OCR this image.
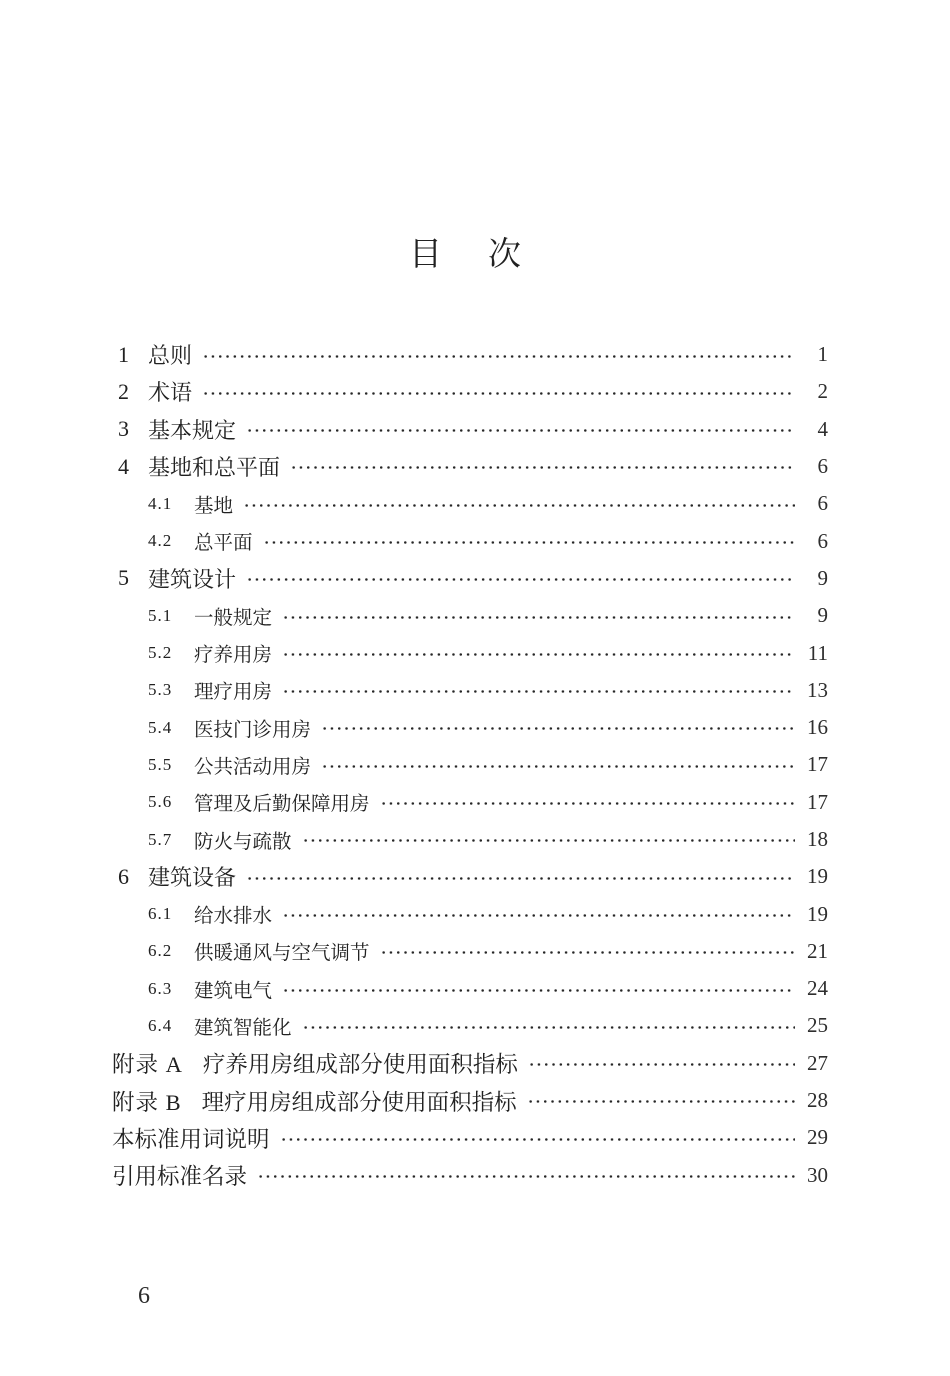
目 次
1 总则	1
2 术语	2
3 基本规定	4
4 基地和总平面	6
4.1	基地	6
4.2	总平面	6
5 建筑设计	9
5.1	一般规定	9
5.2	疗养用房	11
5.3	理疗用房	13
5.4	医技门诊用房	16
5.5	公共活动用房	17
5.6	管理及后勤保障用房	17
5.7	防火与疏散	18
6 建筑设备	19
6.1	给水排水	19
6.2	供暖通风与空气调节	21
6.3	建筑电气	24
6.4	建筑智能化	25
附录 A 疗养用房组成部分使用面积指标	27
附录 B 理疗用房组成部分使用面积指标	28
本标准用词说明	29
引用标准名录	30
6
